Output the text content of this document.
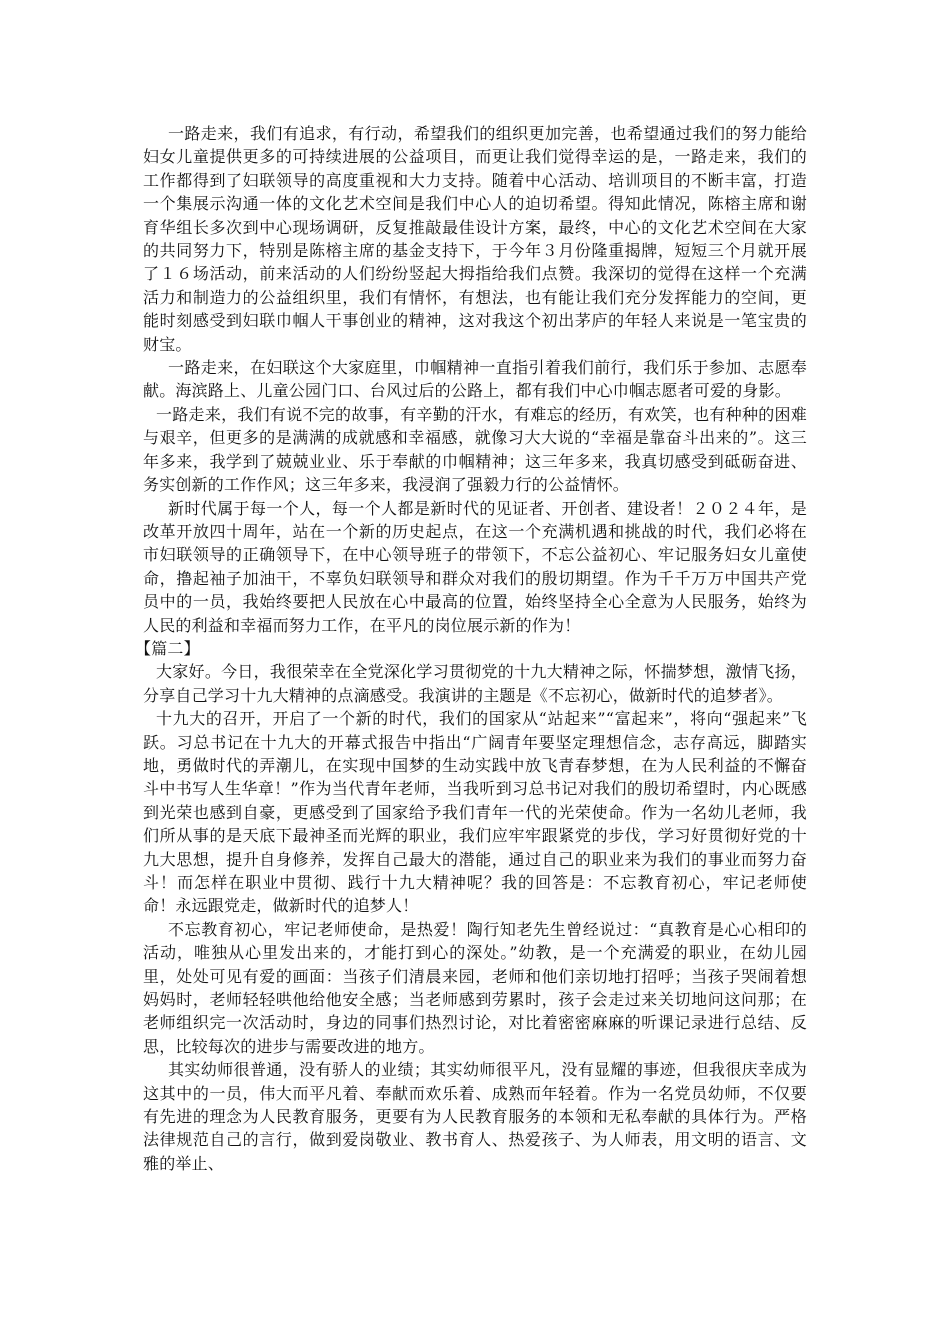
一路走来，我们有追求，有行动，希望我们的组织更加完善，也希望通过我们的努力能给妇女儿童提供更多的可持续进展的公益项目，而更让我们觉得幸运的是，一路走来，我们的工作都得到了妇联领导的高度重视和大力支持。随着中心活动、培训项目的不断丰富，打造一个集展示沟通一体的文化艺术空间是我们中心人的迫切希望。得知此情况，陈榕主席和谢育华组长多次到中心现场调研，反复推敲最佳设计方案，最终，中心的文化艺术空间在大家的共同努力下，特别是陈榕主席的基金支持下，于今年３月份隆重揭牌，短短三个月就开展了１６场活动，前来活动的人们纷纷竖起大拇指给我们点赞。我深切的觉得在这样一个充满活力和制造力的公益组织里，我们有情怀，有想法，也有能让我们充分发挥能力的空间，更能时刻感受到妇联巾帼人干事创业的精神，这对我这个初出茅庐的年轻人来说是一笔宝贵的财宝。

一路走来，在妇联这个大家庭里，巾帼精神一直指引着我们前行，我们乐于参加、志愿奉献。海滨路上、儿童公园门口、台风过后的公路上，都有我们中心巾帼志愿者可爱的身影。

一路走来，我们有说不完的故事，有辛勤的汗水，有难忘的经历，有欢笑，也有种种的困难与艰辛，但更多的是满满的成就感和幸福感，就像习大大说的“幸福是靠奋斗出来的”。这三年多来，我学到了兢兢业业、乐于奉献的巾帼精神；这三年多来，我真切感受到砥砺奋进、务实创新的工作作风；这三年多来，我浸润了强毅力行的公益情怀。

新时代属于每一个人，每一个人都是新时代的见证者、开创者、建设者！２０２４年，是改革开放四十周年，站在一个新的历史起点，在这一个充满机遇和挑战的时代，我们必将在市妇联领导的正确领导下，在中心领导班子的带领下，不忘公益初心、牢记服务妇女儿童使命，撸起袖子加油干，不辜负妇联领导和群众对我们的殷切期望。作为千千万万中国共产党员中的一员，我始终要把人民放在心中最高的位置，始终坚持全心全意为人民服务，始终为人民的利益和幸福而努力工作，在平凡的岗位展示新的作为！

【篇二】

大家好。今日，我很荣幸在全党深化学习贯彻党的十九大精神之际，怀揣梦想，激情飞扬，分享自己学习十九大精神的点滴感受。我演讲的主题是《不忘初心，做新时代的追梦者》。

十九大的召开，开启了一个新的时代，我们的国家从“站起来”“富起来”，将向“强起来”飞跃。习总书记在十九大的开幕式报告中指出“广阔青年要坚定理想信念，志存高远，脚踏实地，勇做时代的弄潮儿，在实现中国梦的生动实践中放飞青春梦想，在为人民利益的不懈奋斗中书写人生华章！”作为当代青年老师，当我听到习总书记对我们的殷切希望时，内心既感到光荣也感到自豪，更感受到了国家给予我们青年一代的光荣使命。作为一名幼儿老师，我们所从事的是天底下最神圣而光辉的职业，我们应牢牢跟紧党的步伐，学习好贯彻好党的十九大思想，提升自身修养，发挥自己最大的潜能，通过自己的职业来为我们的事业而努力奋斗！而怎样在职业中贯彻、践行十九大精神呢？我的回答是：不忘教育初心，牢记老师使命！永远跟党走，做新时代的追梦人！

不忘教育初心，牢记老师使命，是热爱！陶行知老先生曾经说过：“真教育是心心相印的活动，唯独从心里发出来的，才能打到心的深处。”幼教，是一个充满爱的职业，在幼儿园里，处处可见有爱的画面：当孩子们清晨来园，老师和他们亲切地打招呼；当孩子哭闹着想妈妈时，老师轻轻哄他给他安全感；当老师感到劳累时，孩子会走过来关切地问这问那；在老师组织完一次活动时，身边的同事们热烈讨论，对比着密密麻麻的听课记录进行总结、反思，比较每次的进步与需要改进的地方。

其实幼师很普通，没有骄人的业绩；其实幼师很平凡，没有显耀的事迹，但我很庆幸成为这其中的一员，伟大而平凡着、奉献而欢乐着、成熟而年轻着。作为一名党员幼师，不仅要有先进的理念为人民教育服务，更要有为人民教育服务的本领和无私奉献的具体行为。严格法律规范自己的言行，做到爱岗敬业、教书育人、热爱孩子、为人师表，用文明的语言、文雅的举止、
